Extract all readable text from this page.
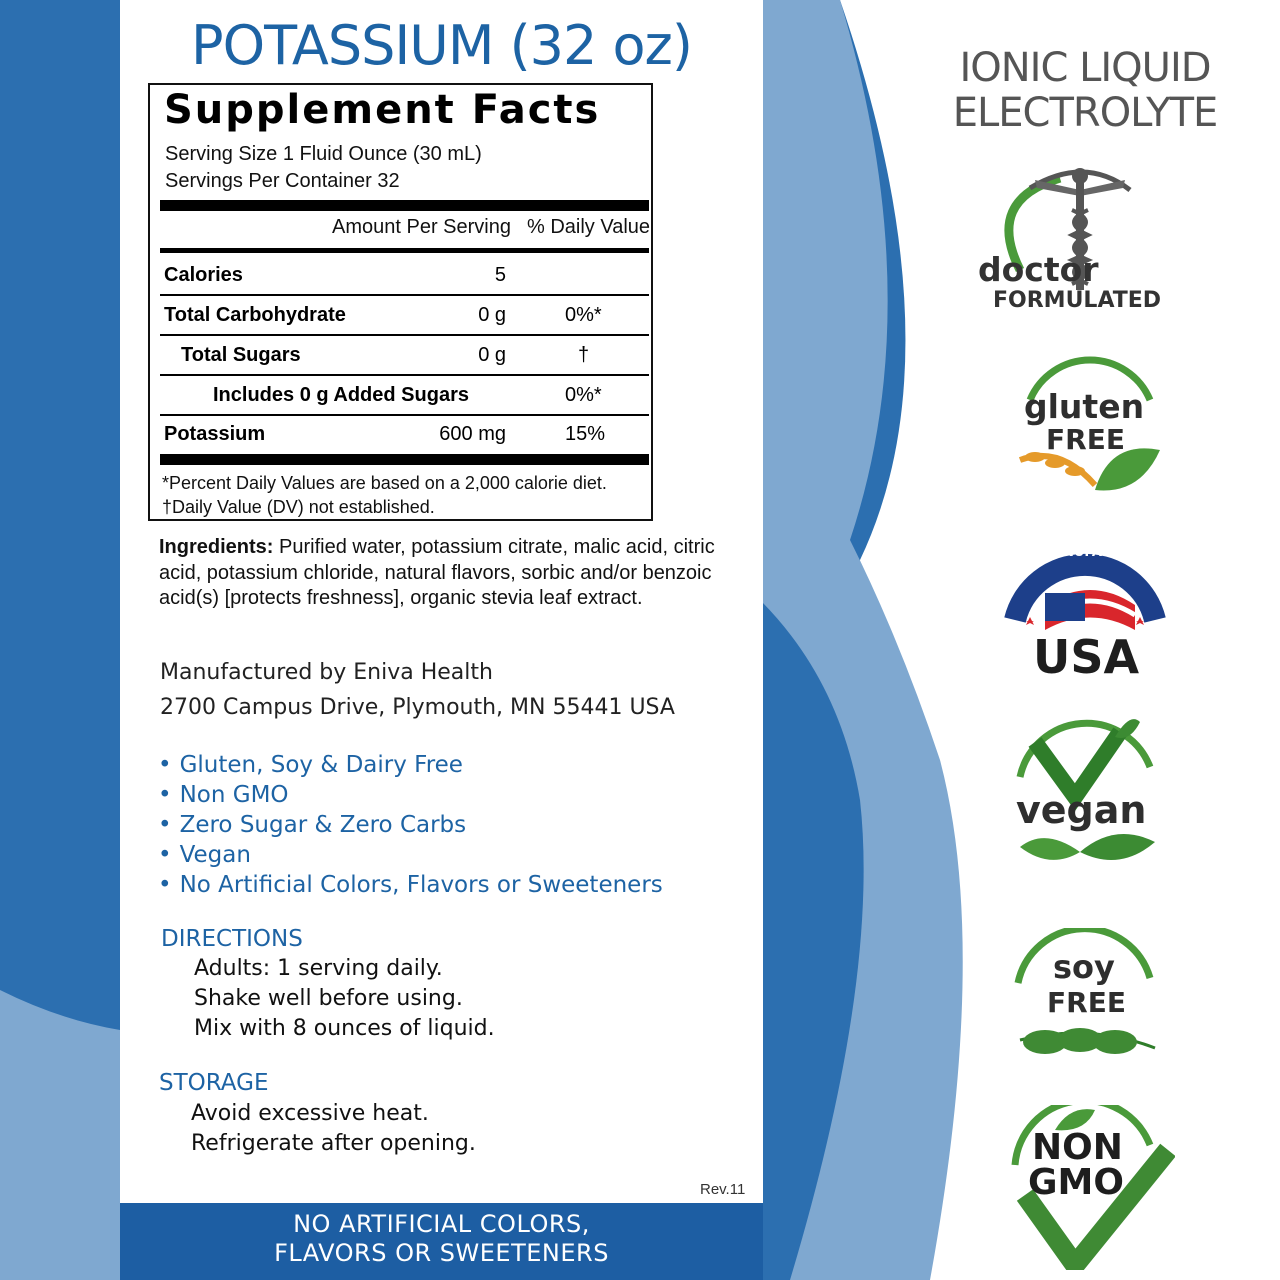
POTASSIUM (32 oz)
Supplement Facts
Serving Size 1 Fluid Ounce (30 mL)
Servings Per Container 32
Amount Per Serving % Daily Value
Calories	5
Total Carbohydrate	0 g	0%*
Total Sugars	0 g	†
Includes 0 g Added Sugars	0%*
Potassium	600 mg	15%
*Percent Daily Values are based on a 2,000 calorie diet.
†Daily Value (DV) not established.
Ingredients: Purified water, potassium citrate, malic acid, citric acid, potassium chloride, natural flavors, sorbic and/or benzoic acid(s) [protects freshness], organic stevia leaf extract.
Manufactured by Eniva Health
2700 Campus Drive, Plymouth, MN 55441 USA
• Gluten, Soy & Dairy Free
• Non GMO
• Zero Sugar & Zero Carbs
• Vegan
• No Artificial Colors, Flavors or Sweeteners
DIRECTIONS
Adults: 1 serving daily.
Shake well before using.
Mix with 8 ounces of liquid.
STORAGE
Avoid excessive heat.
Refrigerate after opening.
Rev.11
NO ARTIFICIAL COLORS,
FLAVORS OR SWEETENERS
IONIC LIQUID
ELECTROLYTE
doctor
FORMULATED
gluten
FREE
MANUFACTURED IN
USA
vegan
soy
FREE
NON
GMO
